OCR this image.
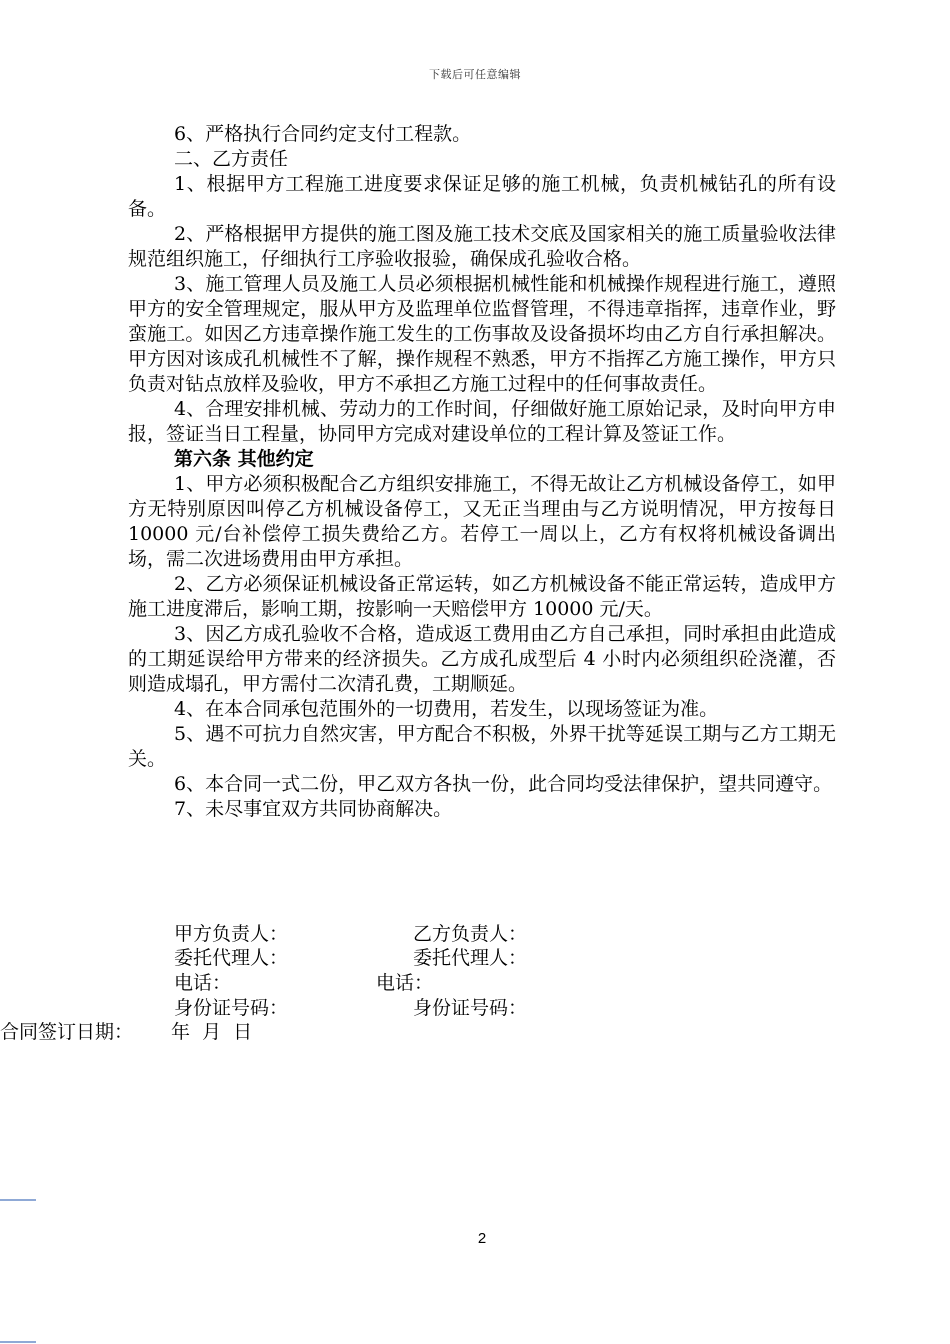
下载后可任意编辑

6、严格执行合同约定支付工程款。

二、乙方责任

1、根据甲方工程施工进度要求保证足够的施工机械，负责机械钻孔的所有设备。

2、严格根据甲方提供的施工图及施工技术交底及国家相关的施工质量验收法律规范组织施工，仔细执行工序验收报验，确保成孔验收合格。

3、施工管理人员及施工人员必须根据机械性能和机械操作规程进行施工，遵照甲方的安全管理规定，服从甲方及监理单位监督管理，不得违章指挥，违章作业，野蛮施工。如因乙方违章操作施工发生的工伤事故及设备损坏均由乙方自行承担解决。甲方因对该成孔机械性不了解，操作规程不熟悉，甲方不指挥乙方施工操作，甲方只负责对钻点放样及验收，甲方不承担乙方施工过程中的任何事故责任。

4、合理安排机械、劳动力的工作时间，仔细做好施工原始记录，及时向甲方申报，签证当日工程量，协同甲方完成对建设单位的工程计算及签证工作。

第六条 其他约定

1、甲方必须积极配合乙方组织安排施工，不得无故让乙方机械设备停工，如甲方无特别原因叫停乙方机械设备停工，又无正当理由与乙方说明情况，甲方按每日 10000 元/台补偿停工损失费给乙方。若停工一周以上，乙方有权将机械设备调出场，需二次进场费用由甲方承担。

2、乙方必须保证机械设备正常运转，如乙方机械设备不能正常运转，造成甲方施工进度滞后，影响工期，按影响一天赔偿甲方 10000 元/天。

3、因乙方成孔验收不合格，造成返工费用由乙方自己承担，同时承担由此造成的工期延误给甲方带来的经济损失。乙方成孔成型后 4 小时内必须组织砼浇灌，否则造成塌孔，甲方需付二次清孔费，工期顺延。

4、在本合同承包范围外的一切费用，若发生，以现场签证为准。

5、遇不可抗力自然灾害，甲方配合不积极，外界干扰等延误工期与乙方工期无关。

6、本合同一式二份，甲乙双方各执一份，此合同均受法律保护，望共同遵守。

7、未尽事宜双方共同协商解决。

甲方负责人：	乙方负责人：
委托代理人：	委托代理人：
电话：	电话：
身份证号码：	身份证号码：
合同签订日期： 年  月  日
2
